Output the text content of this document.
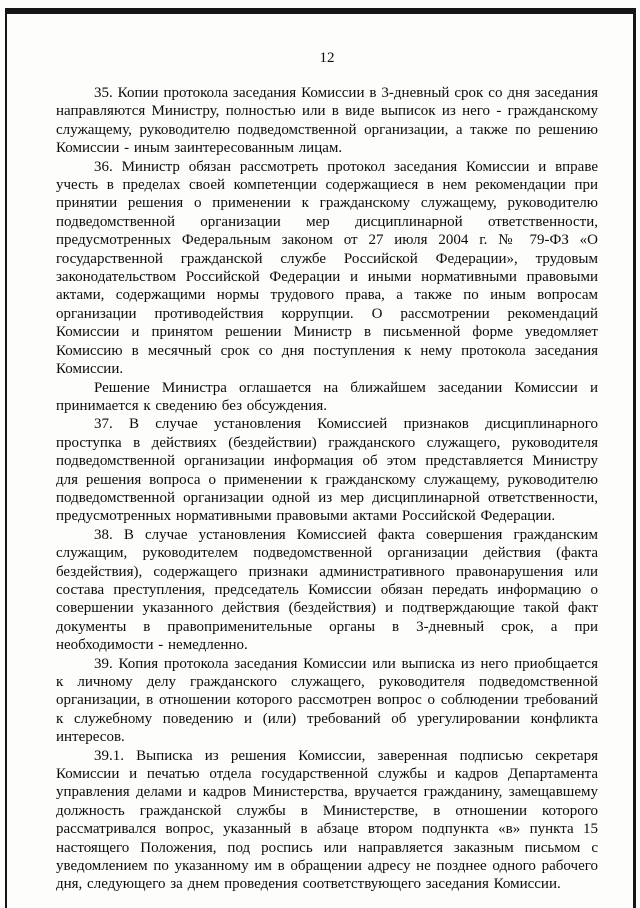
12

35. Копии протокола заседания Комиссии в 3-дневный срок со дня заседания направляются Министру, полностью или в виде выписок из него - гражданскому служащему, руководителю подведомственной организации, а также по решению Комиссии - иным заинтересованным лицам.

36. Министр обязан рассмотреть протокол заседания Комиссии и вправе учесть в пределах своей компетенции содержащиеся в нем рекомендации при принятии решения о применении к гражданскому служащему, руководителю подведомственной организации мер дисциплинарной ответственности, предусмотренных Федеральным законом от 27 июля 2004 г. № 79-ФЗ «О государственной гражданской службе Российской Федерации», трудовым законодательством Российской Федерации и иными нормативными правовыми актами, содержащими нормы трудового права, а также по иным вопросам организации противодействия коррупции. О рассмотрении рекомендаций Комиссии и принятом решении Министр в письменной форме уведомляет Комиссию в месячный срок со дня поступления к нему протокола заседания Комиссии.

Решение Министра оглашается на ближайшем заседании Комиссии и принимается к сведению без обсуждения.

37. В случае установления Комиссией признаков дисциплинарного проступка в действиях (бездействии) гражданского служащего, руководителя подведомственной организации информация об этом представляется Министру для решения вопроса о применении к гражданскому служащему, руководителю подведомственной организации одной из мер дисциплинарной ответственности, предусмотренных нормативными правовыми актами Российской Федерации.

38. В случае установления Комиссией факта совершения гражданским служащим, руководителем подведомственной организации действия (факта бездействия), содержащего признаки административного правонарушения или состава преступления, председатель Комиссии обязан передать информацию о совершении указанного действия (бездействия) и подтверждающие такой факт документы в правоприменительные органы в 3-дневный срок, а при необходимости - немедленно.

39. Копия протокола заседания Комиссии или выписка из него приобщается к личному делу гражданского служащего, руководителя подведомственной организации, в отношении которого рассмотрен вопрос о соблюдении требований к служебному поведению и (или) требований об урегулировании конфликта интересов.

39.1. Выписка из решения Комиссии, заверенная подписью секретаря Комиссии и печатью отдела государственной службы и кадров Департамента управления делами и кадров Министерства, вручается гражданину, замещавшему должность гражданской службы в Министерстве, в отношении которого рассматривался вопрос, указанный в абзаце втором подпункта «в» пункта 15 настоящего Положения, под роспись или направляется заказным письмом с уведомлением по указанному им в обращении адресу не позднее одного рабочего дня, следующего за днем проведения соответствующего заседания Комиссии.
